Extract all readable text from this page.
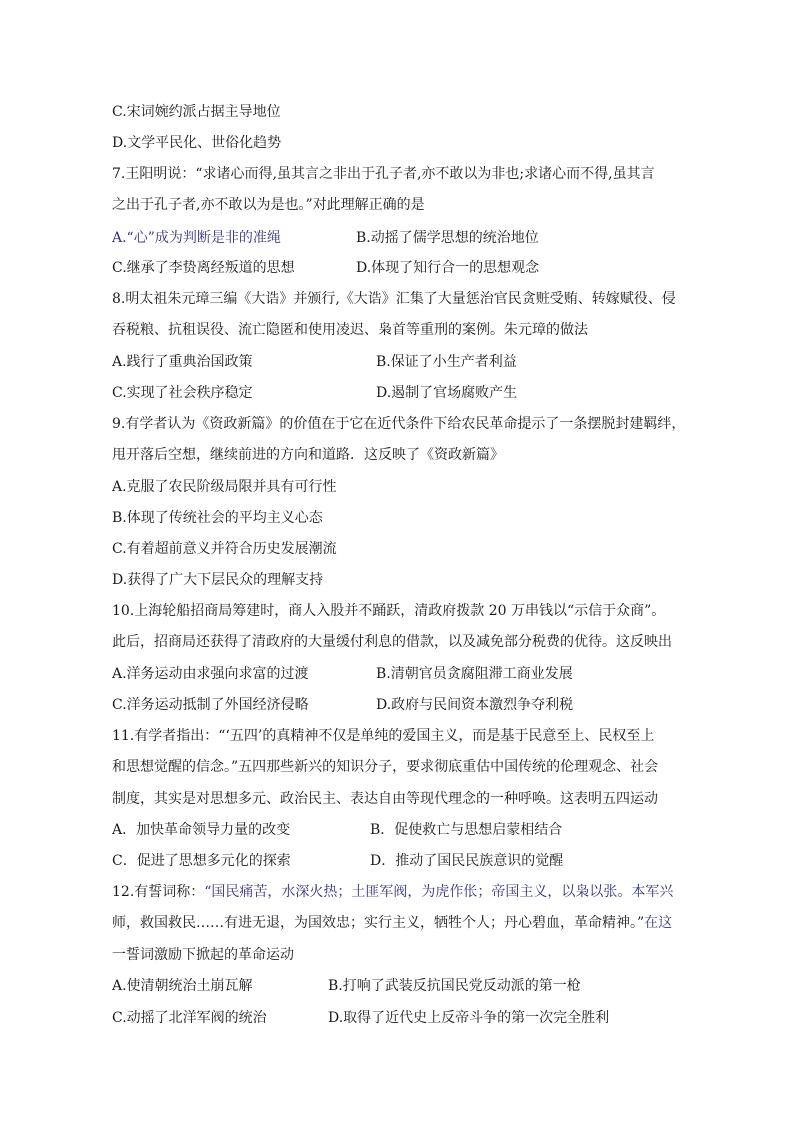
C.宋词婉约派占据主导地位
D.文学平民化、世俗化趋势
7.王阳明说：“求诸心而得,虽其言之非出于孔子者,亦不敢以为非也;求诸心而不得,虽其言
之出于孔子者,亦不敢以为是也。”对此理解正确的是
A.“心”成为判断是非的准绳	B.动摇了儒学思想的统治地位
C.继承了李贽离经叛道的思想	D.体现了知行合一的思想观念
8.明太祖朱元璋三编《大诰》并颁行,《大诰》汇集了大量惩治官民贪赃受贿、转嫁赋役、侵
吞税粮、抗租误役、流亡隐匿和使用凌迟、枭首等重刑的案例。朱元璋的做法
A.践行了重典治国政策	B.保证了小生产者利益
C.实现了社会秩序稳定	D.遏制了官场腐败产生
9.有学者认为《资政新篇》的价值在于它在近代条件下给农民革命提示了一条摆脱封建羁绊，
甩开落后空想，继续前进的方向和道路．这反映了《资政新篇》
A.克服了农民阶级局限并具有可行性
B.体现了传统社会的平均主义心态
C.有着超前意义并符合历史发展潮流
D.获得了广大下层民众的理解支持
10.上海轮船招商局筹建时，商人入股并不踊跃，清政府拨款 20 万串钱以“示信于众商”。
此后，招商局还获得了清政府的大量缓付利息的借款，以及减免部分税费的优待。这反映出
A.洋务运动由求强向求富的过渡	B.清朝官员贪腐阻滞工商业发展
C.洋务运动抵制了外国经济侵略	D.政府与民间资本激烈争夺利税
11.有学者指出：“‘五四’的真精神不仅是单纯的爱国主义，而是基于民意至上、民权至上
和思想觉醒的信念。”五四那些新兴的知识分子，要求彻底重估中国传统的伦理观念、社会
制度，其实是对思想多元、政治民主、表达自由等现代理念的一种呼唤。这表明五四运动
A．加快革命领导力量的改变	B．促使救亡与思想启蒙相结合
C．促进了思想多元化的探索	D．推动了国民民族意识的觉醒
12.有誓词称：“国民痛苦，水深火热；土匪军阀，为虎作伥；帝国主义，以枭以张。本军兴
师，救国救民……有进无退，为国效忠；实行主义，牺牲个人；丹心碧血，革命精神。”在这
一誓词激励下掀起的革命运动
A.使清朝统治土崩瓦解	B.打响了武装反抗国民党反动派的第一枪
C.动摇了北洋军阀的统治	D.取得了近代史上反帝斗争的第一次完全胜利
